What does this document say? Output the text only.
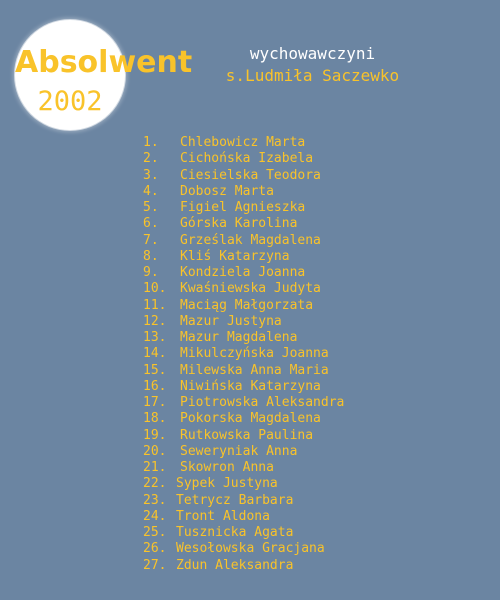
Absolwent
2002
wychowawczyni
s.Ludmiła Saczewko
1.	Chlebowicz Marta
2.	Cichońska Izabela
3.	Ciesielska Teodora
4.	Dobosz Marta
5.	Figiel Agnieszka
6.	Górska Karolina
7.	Grześlak Magdalena
8.	Kliś Katarzyna
9.	Kondziela Joanna
10.	Kwaśniewska Judyta
11.	Maciąg Małgorzata
12.	Mazur Justyna
13.	Mazur Magdalena
14.	Mikulczyńska Joanna
15.	Milewska Anna Maria
16.	Niwińska Katarzyna
17.	Piotrowska Aleksandra
18.	Pokorska Magdalena
19.	Rutkowska Paulina
20.	Seweryniak Anna
21.	Skowron Anna
22. Sypek Justyna
23. Tetrycz Barbara
24. Tront Aldona
25. Tusznicka Agata
26. Wesołowska Gracjana
27. Zdun Aleksandra
